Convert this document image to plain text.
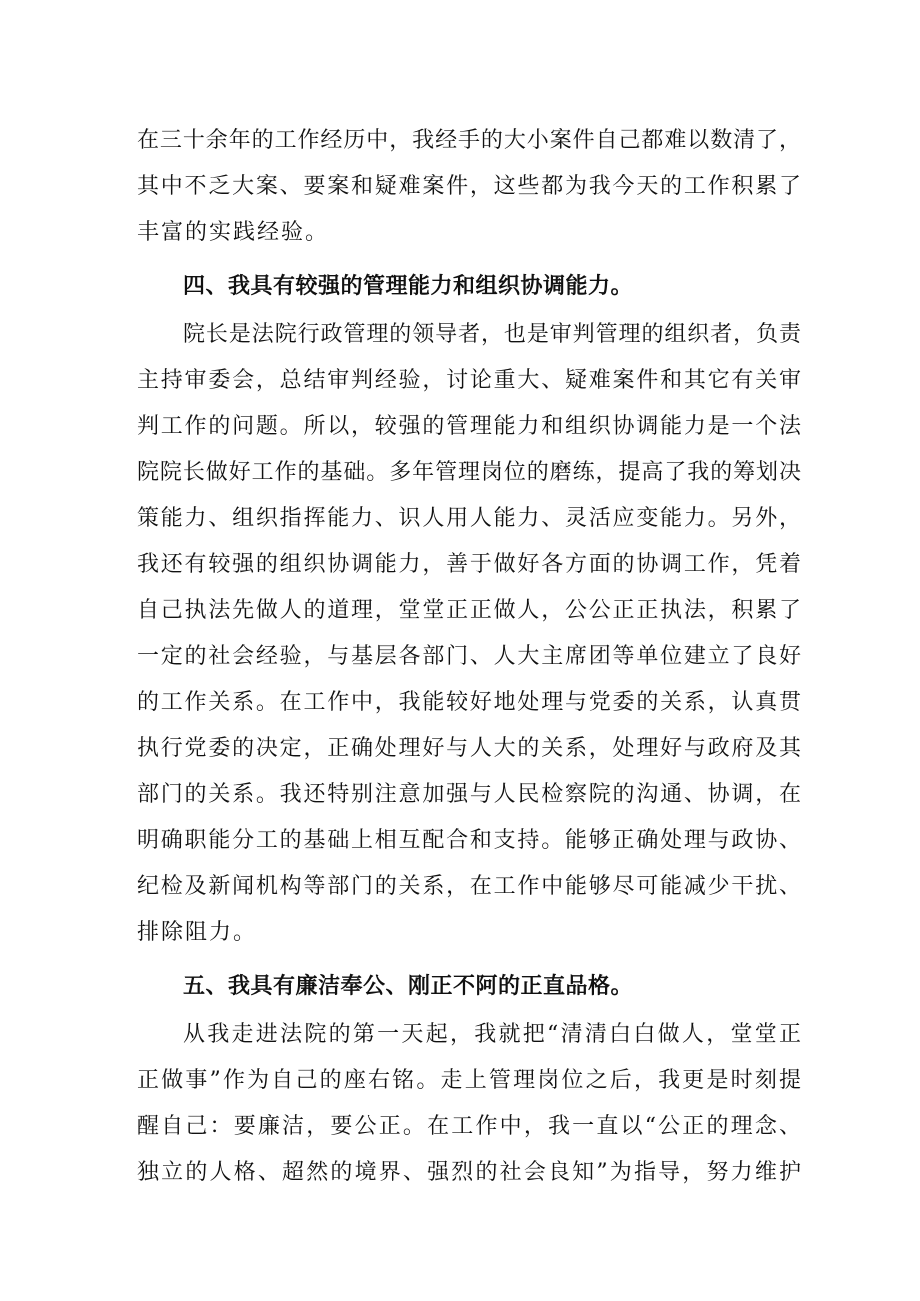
在三十余年的工作经历中，我经手的大小案件自己都难以数清了，
其中不乏大案、要案和疑难案件，这些都为我今天的工作积累了
丰富的实践经验。
四、我具有较强的管理能力和组织协调能力。
院长是法院行政管理的领导者，也是审判管理的组织者，负责
主持审委会，总结审判经验，讨论重大、疑难案件和其它有关审
判工作的问题。所以，较强的管理能力和组织协调能力是一个法
院院长做好工作的基础。多年管理岗位的磨练，提高了我的筹划决
策能力、组织指挥能力、识人用人能力、灵活应变能力。另外，
我还有较强的组织协调能力，善于做好各方面的协调工作，凭着
自己执法先做人的道理，堂堂正正做人，公公正正执法，积累了
一定的社会经验，与基层各部门、人大主席团等单位建立了良好
的工作关系。在工作中，我能较好地处理与党委的关系，认真贯
执行党委的决定，正确处理好与人大的关系，处理好与政府及其
部门的关系。我还特别注意加强与人民检察院的沟通、协调，在
明确职能分工的基础上相互配合和支持。能够正确处理与政协、
纪检及新闻机构等部门的关系，在工作中能够尽可能减少干扰、
排除阻力。
五、我具有廉洁奉公、刚正不阿的正直品格。
从我走进法院的第一天起，我就把“清清白白做人，堂堂正
正做事”作为自己的座右铭。走上管理岗位之后，我更是时刻提
醒自己：要廉洁，要公正。在工作中，我一直以“公正的理念、
独立的人格、超然的境界、强烈的社会良知”为指导，努力维护
